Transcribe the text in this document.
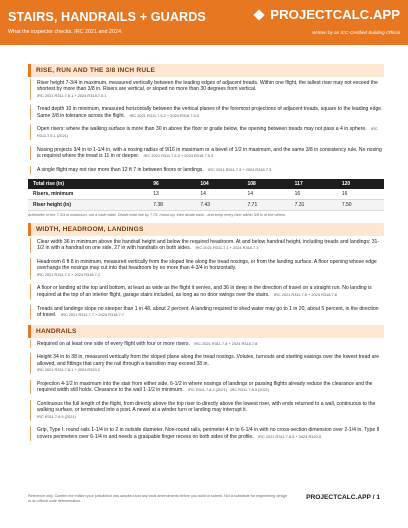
STAIRS, HANDRAILS + GUARDS
What the inspector checks. IRC 2021 and 2024.
PROJECTCALC.APP
Written by an ICC-Certified Building Official
RISE, RUN AND THE 3/8 INCH RULE
Riser height 7-3/4 in maximum, measured vertically between the leading edges of adjacent treads. Within one flight, the tallest riser may not exceed the shortest by more than 3/8 in. Risers are vertical, or sloped no more than 30 degrees from vertical.
IRC 2021 R311.7.5.1 + 2024 R318.7.5.1
Tread depth 10 in minimum, measured horizontally between the vertical planes of the foremost projections of adjacent treads, square to the leading edge. Same 3/8 in tolerance across the flight. IRC 2021 R311.7.5.2 + 2024 R318.7.5.2
Open risers: where the walking surface is more than 30 in above the floor or grade below, the opening between treads may not pass a 4 in sphere. IRC R311.7.5.1 (2021)
Nosing projects 3/4 in to 1-1/4 in, with a nosing radius of 9/16 in maximum or a bevel of 1/2 in maximum, and the same 3/8 in consistency rule. No nosing is required where the tread is 11 in or deeper. IRC 2021 R311.7.5.3 + 2024 R318.7.5.3
A single flight may not rise more than 12 ft 7 in between floors or landings. IRC 2021 R311.7.3 + 2024 R318.7.3
Total rise (in)	96	104	108	117	120
Risers, minimum	13	14	14	16	16
Riser height (in)	7.38	7.43	7.71	7.31	7.50
Arithmetic of the 7-3/4 in maximum, not a code table. Divide total rise by 7.75, round up, then divide back - and keep every riser within 3/8 in of the others.
WIDTH, HEADROOM, LANDINGS
Clear width 36 in minimum above the handrail height and below the required headroom. At and below handrail height, including treads and landings: 31-1/2 in with a handrail on one side, 27 in with handrails on both sides. IRC 2021 R311.7.1 + 2024 R318.7.1
Headroom 6 ft 8 in minimum, measured vertically from the sloped line along the tread nosings, or from the landing surface. A floor opening whose edge overhangs the nosings may cut into that headroom by no more than 4-3/4 in horizontally.
IRC 2021 R311.7.2 + 2024 R318.7.2
A floor or landing at the top and bottom, at least as wide as the flight it serves, and 36 in deep in the direction of travel on a straight run. No landing is required at the top of an interior flight, garage stairs included, as long as no door swings over the stairs. IRC 2021 R311.7.6 + 2024 R318.7.6
Treads and landings slope no steeper than 1 in 48, about 2 percent. A landing required to shed water may go to 1 in 20, about 5 percent, in the direction of travel. IRC 2021 R311.7.7 + 2024 R318.7.7
HANDRAILS
Required on at least one side of every flight with four or more risers. IRC 2021 R311.7.8 + 2024 R318.7.8
Height 34 in to 38 in, measured vertically from the sloped plane along the tread nosings. Volutes, turnouts and starting easings over the lowest tread are allowed, and fittings that carry the rail through a transition may exceed 38 in.
IRC 2021 R311.7.8.1 + 2024 R320.2
Projection 4-1/2 in maximum into the stair from either side, 6-1/2 in where nosings of landings or passing flights already reduce the clearance and the required width still holds. Clearance to the wall 1-1/2 in minimum. IRC R311.7.8.2 (2021) · IRC R311.7.8.3 (2021)
Continuous the full length of the flight, from directly above the top riser to directly above the lowest riser, with ends returned to a wall, continuous to the walking surface, or terminated into a post. A newel at a winder turn or landing may interrupt it.
IRC R311.7.8.5 (2021)
Grip, Type I: round rails 1-1/4 in to 2 in outside diameter. Non-round rails, perimeter 4 in to 6-1/4 in with no cross-section dimension over 2-1/4 in. Type II covers perimeters over 6-1/4 in and needs a graspable finger recess on both sides of the profile. IRC 2021 R311.7.8.5 + 2024 R320.8
Reference only. Confirm the edition your jurisdiction has adopted and any local amendments before you build or submit. Not a substitute for engineering design or an official code determination.	PROJECTCALC.APP / 1
